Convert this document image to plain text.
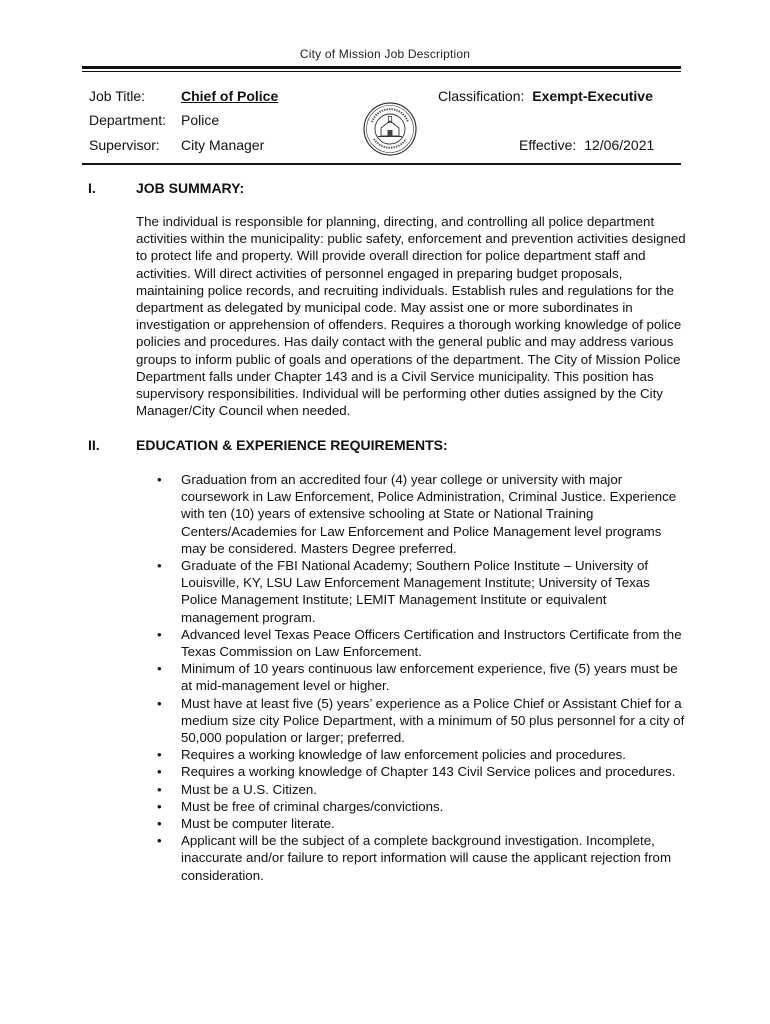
City of Mission Job Description
Job Title:	Chief of Police
Department: Police
Supervisor: City Manager
Classification: Exempt-Executive
Effective: 12/06/2021
I.	JOB SUMMARY:

The individual is responsible for planning, directing, and controlling all police department activities within the municipality: public safety, enforcement and prevention activities designed to protect life and property. Will provide overall direction for police department staff and activities. Will direct activities of personnel engaged in preparing budget proposals, maintaining police records, and recruiting individuals. Establish rules and regulations for the department as delegated by municipal code. May assist one or more subordinates in investigation or apprehension of offenders. Requires a thorough working knowledge of police policies and procedures. Has daily contact with the general public and may address various groups to inform public of goals and operations of the department. The City of Mission Police Department falls under Chapter 143 and is a Civil Service municipality. This position has supervisory responsibilities. Individual will be performing other duties assigned by the City Manager/City Council when needed.

II.	EDUCATION & EXPERIENCE REQUIREMENTS:
• Graduation from an accredited four (4) year college or university with major coursework in Law Enforcement, Police Administration, Criminal Justice. Experience with ten (10) years of extensive schooling at State or National Training Centers/Academies for Law Enforcement and Police Management level programs may be considered. Masters Degree preferred.
• Graduate of the FBI National Academy; Southern Police Institute – University of Louisville, KY, LSU Law Enforcement Management Institute; University of Texas Police Management Institute; LEMIT Management Institute or equivalent management program.
• Advanced level Texas Peace Officers Certification and Instructors Certificate from the Texas Commission on Law Enforcement.
• Minimum of 10 years continuous law enforcement experience, five (5) years must be at mid-management level or higher.
• Must have at least five (5) years’ experience as a Police Chief or Assistant Chief for a medium size city Police Department, with a minimum of 50 plus personnel for a city of 50,000 population or larger; preferred.
• Requires a working knowledge of law enforcement policies and procedures.
• Requires a working knowledge of Chapter 143 Civil Service polices and procedures.
• Must be a U.S. Citizen.
• Must be free of criminal charges/convictions.
• Must be computer literate.
• Applicant will be the subject of a complete background investigation. Incomplete, inaccurate and/or failure to report information will cause the applicant rejection from consideration.
